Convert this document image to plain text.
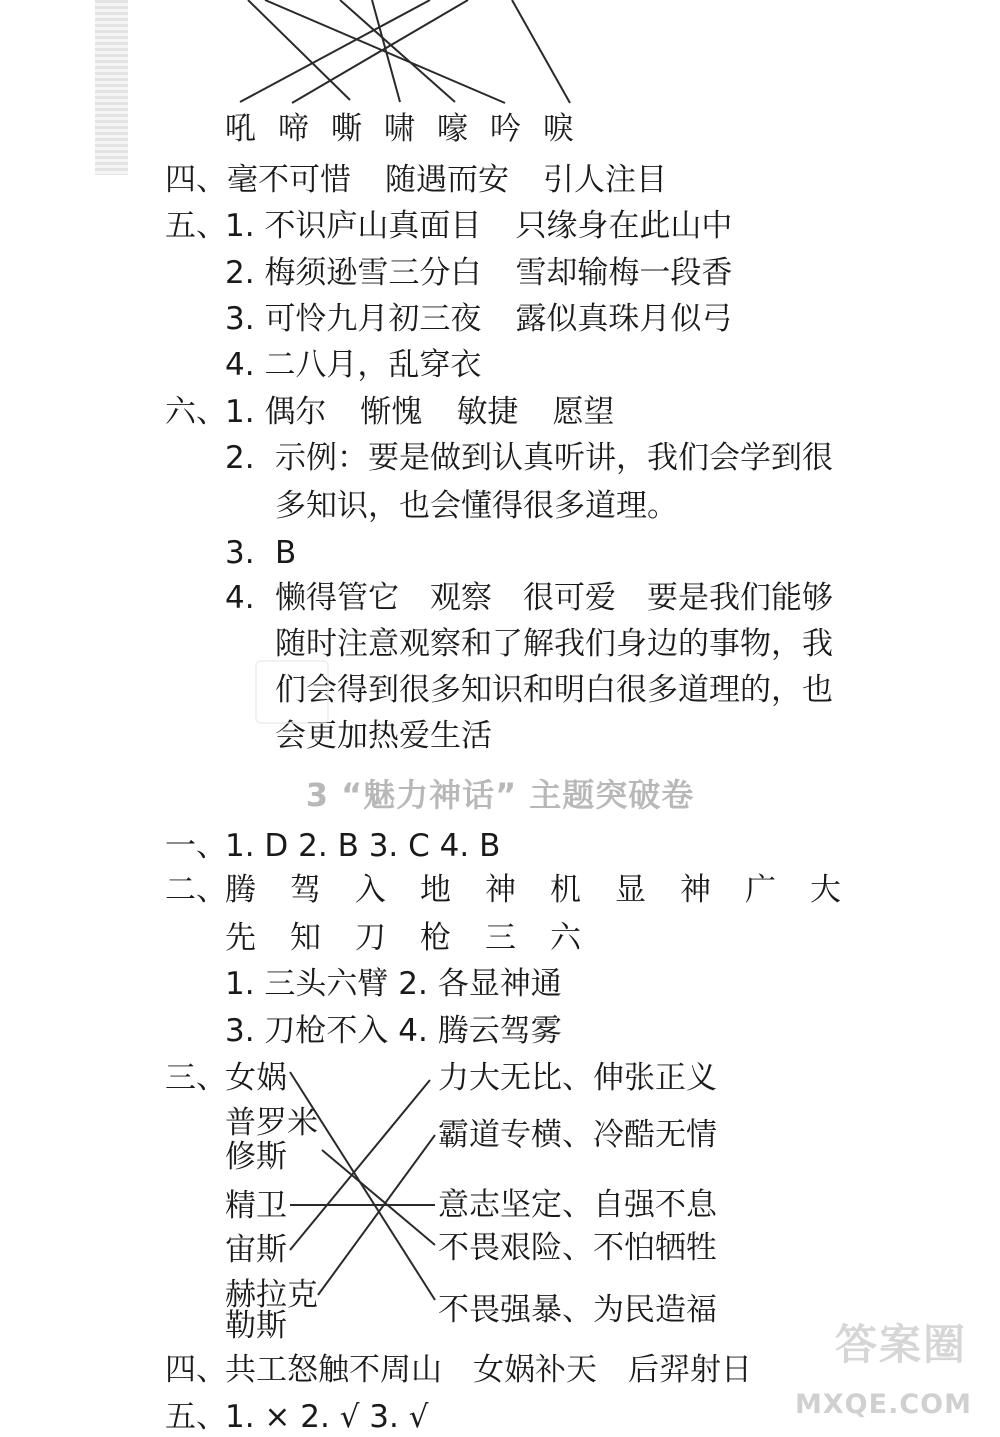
吼 啼 嘶 啸 嚎 吟 唳
四、毫不可惜 随遇而安 引人注目
五、
1. 不识庐山真面目 只缘身在此山中
2. 梅须逊雪三分白 雪却输梅一段香
3. 可怜九月初三夜 露似真珠月似弓
4. 二八月，乱穿衣
六、
1. 偶尔 惭愧 敏捷 愿望
2. 示例：要是做到认真听讲，我们会学到很
多知识，也会懂得很多道理。
3. B
4. 懒得管它　观察　很可爱　要是我们能够
随时注意观察和了解我们身边的事物，我
们会得到很多知识和明白很多道理的，也
会更加热爱生活
3 “魅力神话” 主题突破卷
一、
1. D 2. B 3. C 4. B
二、
腾 驾 入 地 神 机 显 神 广 大
先 知 刀 枪 三 六
1. 三头六臂 2. 各显神通
3. 刀枪不入 4. 腾云驾雾
三、
女娲
普罗米
修斯
精卫
宙斯
赫拉克
勒斯
力大无比、伸张正义
霸道专横、冷酷无情
意志坚定、自强不息
不畏艰险、不怕牺牲
不畏强暴、为民造福
四、
共工怒触不周山　女娲补天　后羿射日
五、
1. × 2. √ 3. √
答案圈
MXQE.COM
